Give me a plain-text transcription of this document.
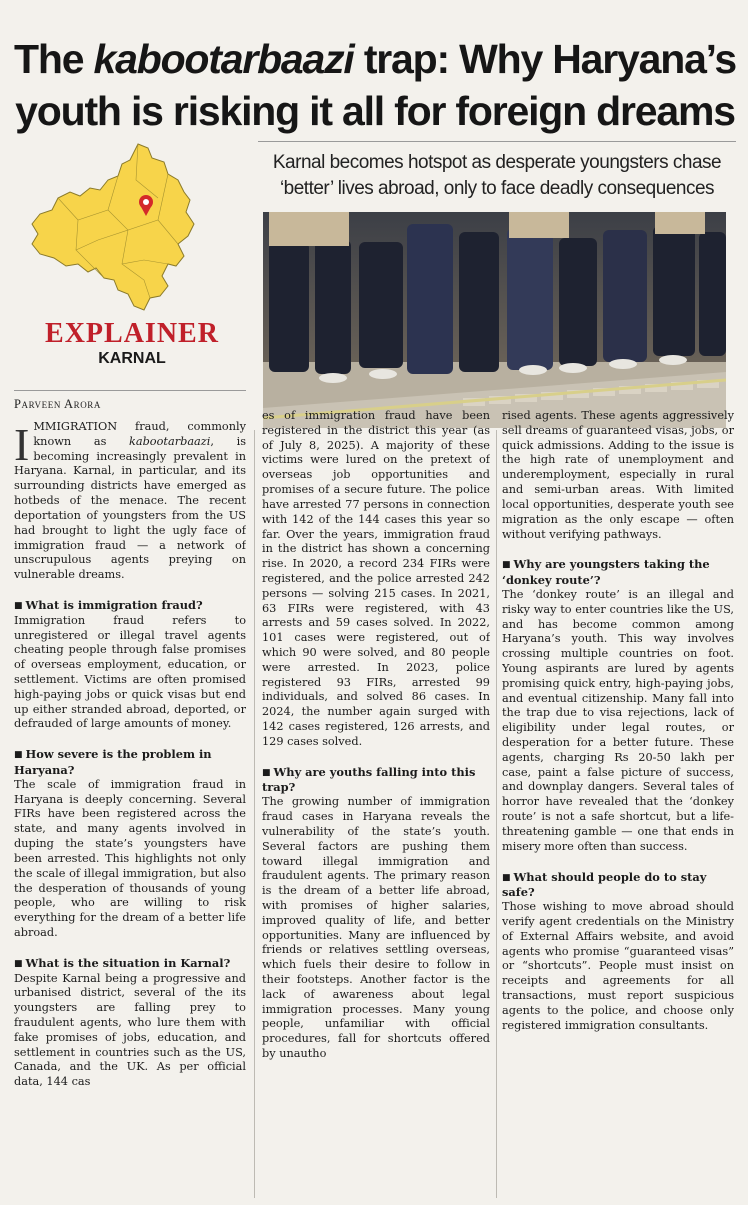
The kabootarbaazi trap: Why Haryana’s youth is risking it all for foreign dreams
Karnal becomes hotspot as desperate youngsters chase ‘better’ lives abroad, only to face deadly consequences
EXPLAINER
KARNAL
Parveen Arora

IMMIGRATION fraud, commonly known as kabootarbaazi, is becoming increasingly prevalent in Haryana. Karnal, in particular, and its surrounding districts have emerged as hotbeds of the menace. The recent deportation of youngsters from the US had brought to light the ugly face of immigration fraud — a network of unscrupulous agents preying on vulnerable dreams.

■ What is immigration fraud?

Immigration fraud refers to unregistered or illegal travel agents cheating people through false promises of overseas employment, education, or settlement. Victims are often promised high-paying jobs or quick visas but end up either stranded abroad, deported, or defrauded of large amounts of money.

■ How severe is the problem in Haryana?

The scale of immigration fraud in Haryana is deeply concerning. Several FIRs have been registered across the state, and many agents involved in duping the state’s youngsters have been arrested. This highlights not only the scale of illegal immigration, but also the desperation of thousands of young people, who are willing to risk everything for the dream of a better life abroad.

■ What is the situation in Karnal?

Despite Karnal being a progressive and urbanised district, several of the its youngsters are falling prey to fraudulent agents, who lure them with fake promises of jobs, education, and settlement in countries such as the US, Canada, and the UK. As per official data, 144 cas

es of immigration fraud have been registered in the district this year (as of July 8, 2025). A majority of these victims were lured on the pretext of overseas job opportunities and promises of a secure future. The police have arrested 77 persons in connection with 142 of the 144 cases this year so far. Over the years, immigration fraud in the district has shown a concerning rise. In 2020, a record 234 FIRs were registered, and the police arrested 242 persons — solving 215 cases. In 2021, 63 FIRs were registered, with 43 arrests and 59 cases solved. In 2022, 101 cases were registered, out of which 90 were solved, and 80 people were arrested. In 2023, police registered 93 FIRs, arrested 99 individuals, and solved 86 cases. In 2024, the number again surged with 142 cases registered, 126 arrests, and 129 cases solved.

■ Why are youths falling into this trap?

The growing number of immigration fraud cases in Haryana reveals the vulnerability of the state’s youth. Several factors are pushing them toward illegal immigration and fraudulent agents. The primary reason is the dream of a better life abroad, with promises of higher salaries, improved quality of life, and better opportunities. Many are influenced by friends or relatives settling overseas, which fuels their desire to follow in their footsteps. Another factor is the lack of awareness about legal immigration processes. Many young people, unfamiliar with official procedures, fall for shortcuts offered by unautho

rised agents. These agents aggressively sell dreams of guaranteed visas, jobs, or quick admissions. Adding to the issue is the high rate of unemployment and underemployment, especially in rural and semi-urban areas. With limited local opportunities, desperate youth see migration as the only escape — often without verifying pathways.

■ Why are youngsters taking the ‘donkey route’?

The ‘donkey route’ is an illegal and risky way to enter countries like the US, and has become common among Haryana’s youth. This way involves crossing multiple countries on foot. Young aspirants are lured by agents promising quick entry, high-paying jobs, and eventual citizenship. Many fall into the trap due to visa rejections, lack of eligibility under legal routes, or desperation for a better future. These agents, charging Rs 20-50 lakh per case, paint a false picture of success, and downplay dangers. Several tales of horror have revealed that the ‘donkey route’ is not a safe shortcut, but a life-threatening gamble — one that ends in misery more often than success.

■ What should people do to stay safe?

Those wishing to move abroad should verify agent credentials on the Ministry of External Affairs website, and avoid agents who promise “guaranteed visas” or “shortcuts”. People must insist on receipts and agreements for all transactions, must report suspicious agents to the police, and choose only registered immigration consultants.
